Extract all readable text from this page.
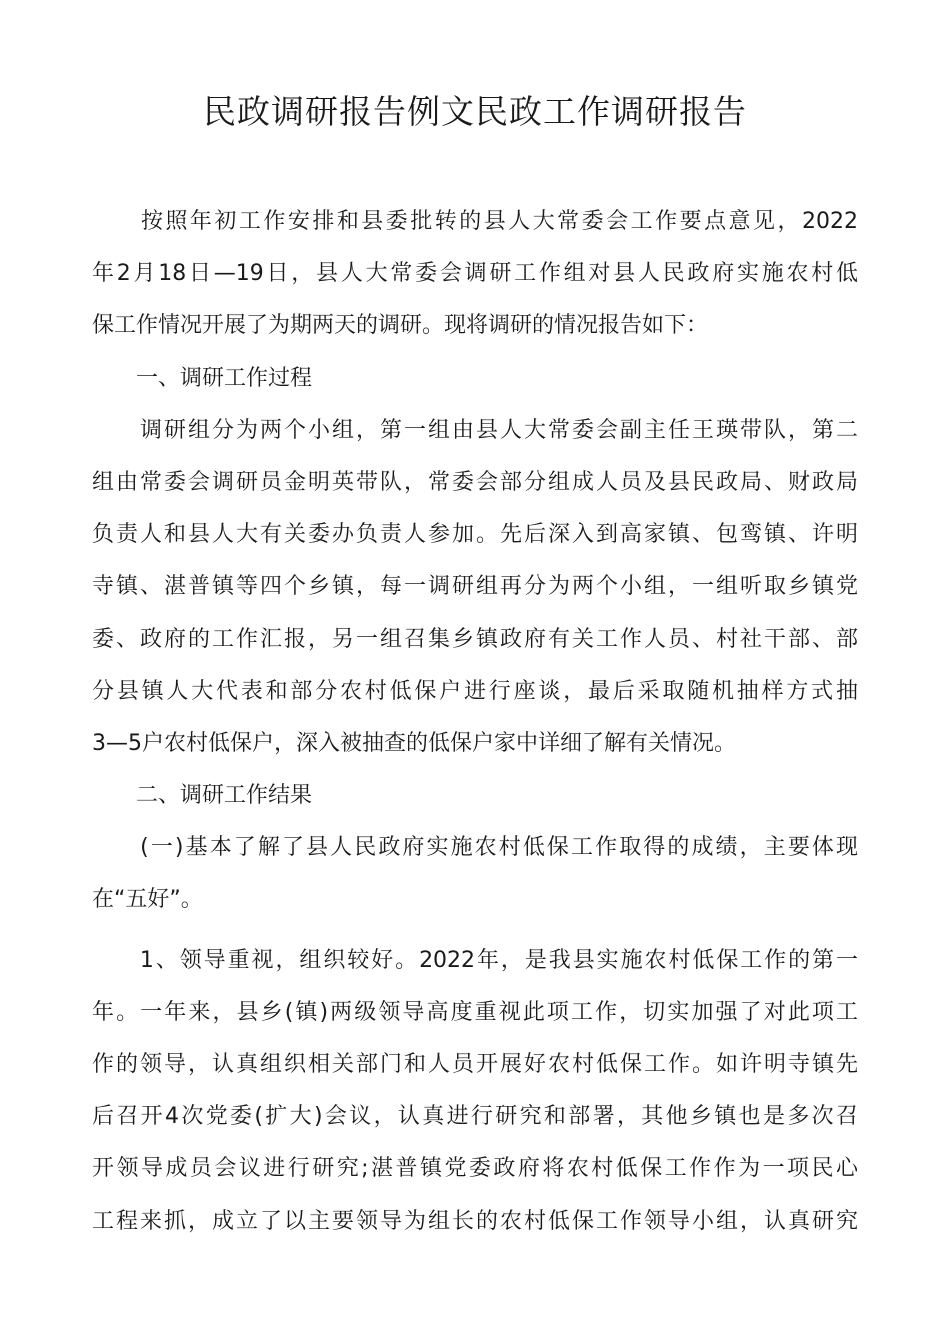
民政调研报告例文民政工作调研报告
　　按照年初工作安排和县委批转的县人大常委会工作要点意见，2022
年2月18日—19日，县人大常委会调研工作组对县人民政府实施农村低
保工作情况开展了为期两天的调研。现将调研的情况报告如下：
　　一、调研工作过程
　　调研组分为两个小组，第一组由县人大常委会副主任王瑛带队，第二
组由常委会调研员金明英带队，常委会部分组成人员及县民政局、财政局
负责人和县人大有关委办负责人参加。先后深入到高家镇、包鸾镇、许明
寺镇、湛普镇等四个乡镇，每一调研组再分为两个小组，一组听取乡镇党
委、政府的工作汇报，另一组召集乡镇政府有关工作人员、村社干部、部
分县镇人大代表和部分农村低保户进行座谈，最后采取随机抽样方式抽
3—5户农村低保户，深入被抽查的低保户家中详细了解有关情况。
　　二、调研工作结果
　　(一)基本了解了县人民政府实施农村低保工作取得的成绩，主要体现
在“五好”。
　　1、领导重视，组织较好。2022年，是我县实施农村低保工作的第一
年。一年来，县乡(镇)两级领导高度重视此项工作，切实加强了对此项工
作的领导，认真组织相关部门和人员开展好农村低保工作。如许明寺镇先
后召开4次党委(扩大)会议，认真进行研究和部署，其他乡镇也是多次召
开领导成员会议进行研究;湛普镇党委政府将农村低保工作作为一项民心
工程来抓，成立了以主要领导为组长的农村低保工作领导小组，认真研究
